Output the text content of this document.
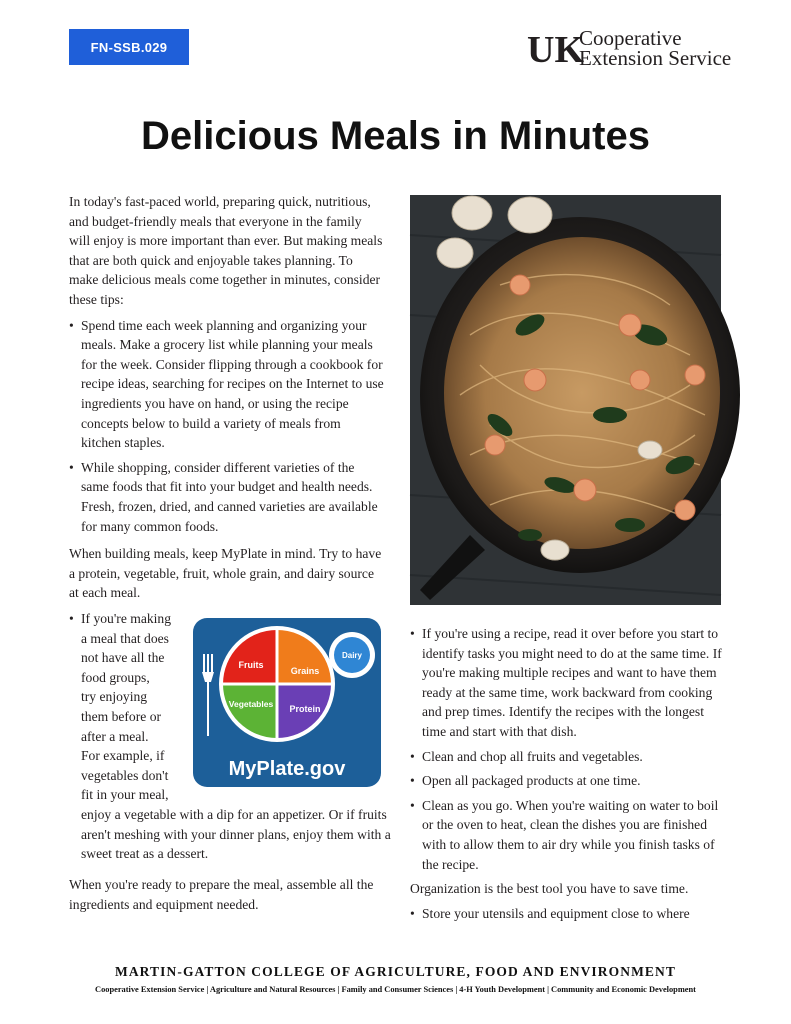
FN-SSB.029	UK
Cooperative
Extension Service
Delicious Meals in Minutes

In today's fast-paced world, preparing quick, nutritious, and budget-friendly meals that everyone in the family will enjoy is more important than ever. But making meals that are both quick and enjoyable takes planning. To make delicious meals come together in minutes, consider these tips:

• Spend time each week planning and organizing your meals. Make a grocery list while planning your meals for the week. Consider flipping through a cookbook for recipe ideas, searching for recipes on the Internet to use ingredients you have on hand, or using the recipe concepts below to build a variety of meals from kitchen staples.
• While shopping, consider different varieties of the same foods that fit into your budget and health needs. Fresh, frozen, dried, and canned varieties are available for many common foods.

When building meals, keep MyPlate in mind. Try to have a protein, vegetable, fruit, whole grain, and dairy source at each meal.

• If you're making
a meal that does
not have all the
food groups,
try enjoying
them before or
after a meal.
For example, if
vegetables don't
fit in your meal,
enjoy a vegetable with a dip for an appetizer. Or if fruits aren't meshing with your dinner plans, enjoy them with a sweet treat as a dessert.
When you're ready to prepare the meal, assemble all the ingredients and equipment needed.
Fruits
Grains
Vegetables Protein
Dairy
MyPlate.gov
• If you're using a recipe, read it over before you start to identify tasks you might need to do at the same time. If you're making multiple recipes and want to have them ready at the same time, work backward from cooking and prep times. Identify the recipes with the longest time and start with that dish.
• Clean and chop all fruits and vegetables.
• Open all packaged products at one time.
• Clean as you go. When you're waiting on water to boil or the oven to heat, clean the dishes you are finished with to allow them to air dry while you finish tasks of the recipe.

Organization is the best tool you have to save time.

• Store your utensils and equipment close to where
MARTIN-GATTON COLLEGE OF AGRICULTURE, FOOD AND ENVIRONMENT
Cooperative Extension Service | Agriculture and Natural Resources | Family and Consumer Sciences | 4-H Youth Development | Community and Economic Development
